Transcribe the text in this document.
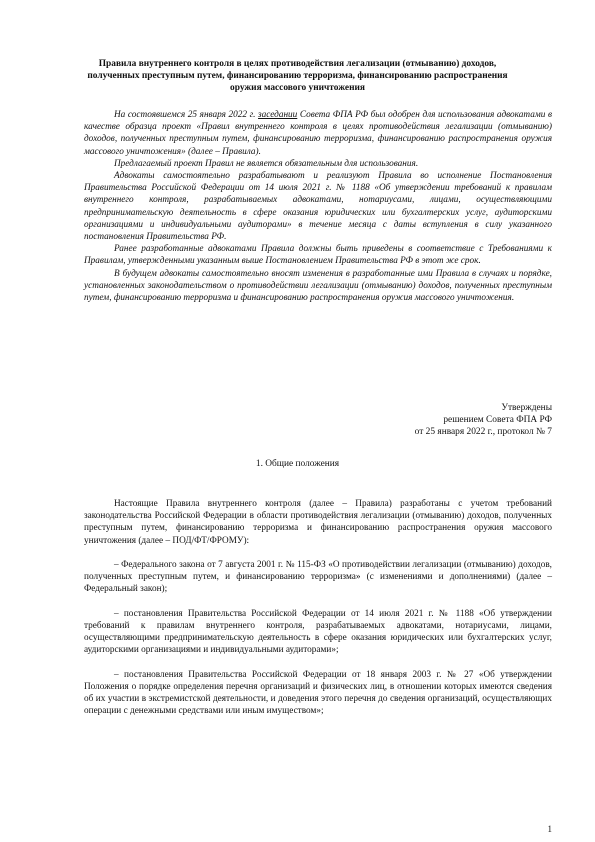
Правила внутреннего контроля в целях противодействия легализации (отмыванию) доходов, полученных преступным путем, финансированию терроризма, финансированию распространения оружия массового уничтожения

На состоявшемся 25 января 2022 г. заседании Совета ФПА РФ был одобрен для использования адвокатами в качестве образца проект «Правил внутреннего контроля в целях противодействия легализации (отмыванию) доходов, полученных преступным путем, финансированию терроризма, финансированию распространения оружия массового уничтожения» (далее – Правила).

Предлагаемый проект Правил не является обязательным для использования.

Адвокаты самостоятельно разрабатывают и реализуют Правила во исполнение Постановления Правительства Российской Федерации от 14 июля 2021 г. № 1188 «Об утверждении требований к правилам внутреннего контроля, разрабатываемых адвокатами, нотариусами, лицами, осуществляющими предпринимательскую деятельность в сфере оказания юридических или бухгалтерских услуг, аудиторскими организациями и индивидуальными аудиторами» в течение месяца с даты вступления в силу указанного постановления Правительства РФ.

Ранее разработанные адвокатами Правила должны быть приведены в соответствие с Требованиями к Правилам, утвержденными указанным выше Постановлением Правительства РФ в этот же срок.

В будущем адвокаты самостоятельно вносят изменения в разработанные ими Правила в случаях и порядке, установленных законодательством о противодействии легализации (отмыванию) доходов, полученных преступным путем, финансированию терроризма и финансированию распространения оружия массового уничтожения.

Утверждены
решением Совета ФПА РФ
от 25 января 2022 г., протокол № 7
1. Общие положения

Настоящие Правила внутреннего контроля (далее – Правила) разработаны с учетом требований законодательства Российской Федерации в области противодействия легализации (отмыванию) доходов, полученных преступным путем, финансированию терроризма и финансированию распространения оружия массового уничтожения (далее – ПОД/ФТ/ФРОМУ):

– Федерального закона от 7 августа 2001 г. № 115-ФЗ «О противодействии легализации (отмыванию) доходов, полученных преступным путем, и финансированию терроризма» (с изменениями и дополнениями) (далее – Федеральный закон);

– постановления Правительства Российской Федерации от 14 июля 2021 г. № 1188 «Об утверждении требований к правилам внутреннего контроля, разрабатываемых адвокатами, нотариусами, лицами, осуществляющими предпринимательскую деятельность в сфере оказания юридических или бухгалтерских услуг, аудиторскими организациями и индивидуальными аудиторами»;

– постановления Правительства Российской Федерации от 18 января 2003 г. № 27 «Об утверждении Положения о порядке определения перечня организаций и физических лиц, в отношении которых имеются сведения об их участии в экстремистской деятельности, и доведения этого перечня до сведения организаций, осуществляющих операции с денежными средствами или иным имуществом»;

1
